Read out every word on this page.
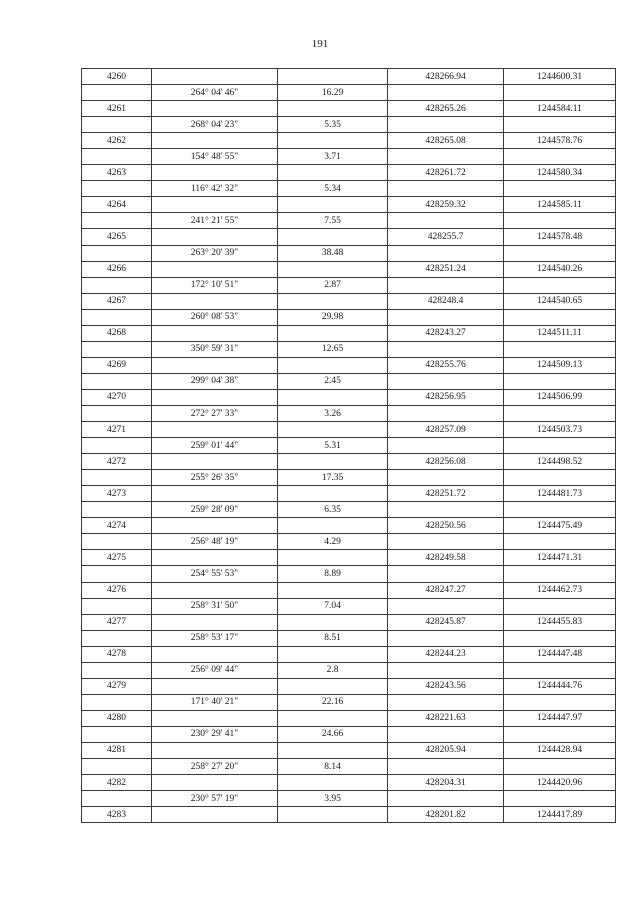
191
4260			428266.94	1244600.31
	264° 04' 46"	16.29		
4261			428265.26	1244584.11
	268° 04' 23"	5.35		
4262			428265.08	1244578.76
	154° 48' 55"	3.71		
4263			428261.72	1244580.34
	116° 42' 32"	5.34		
4264			428259.32	1244585.11
	241° 21' 55"	7.55		
4265			428255.7	1244578.48
	263° 20' 39"	38.48		
4266			428251.24	1244540.26
	172° 10' 51"	2.87		
4267			428248.4	1244540.65
	260° 08' 53"	29.98		
4268			428243.27	1244511.11
	350° 59' 31"	12.65		
4269			428255.76	1244509.13
	299° 04' 38"	2.45		
4270			428256.95	1244506.99
	272° 27' 33"	3.26		
4271			428257.09	1244503.73
	259° 01' 44"	5.31		
4272			428256.08	1244498.52
	255° 26' 35"	17.35		
4273			428251.72	1244481.73
	259° 28' 09"	6.35		
4274			428250.56	1244475.49
	256° 48' 19"	4.29		
4275			428249.58	1244471.31
	254° 55' 53"	8.89		
4276			428247.27	1244462.73
	258° 31' 50"	7.04		
4277			428245.87	1244455.83
	258° 53' 17"	8.51		
4278			428244.23	1244447.48
	256° 09' 44"	2.8		
4279			428243.56	1244444.76
	171° 40' 21"	22.16		
4280			428221.63	1244447.97
	230° 29' 41"	24.66		
4281			428205.94	1244428.94
	258° 27' 20"	8.14		
4282			428204.31	1244420.96
	230° 57' 19"	3.95		
4283			428201.82	1244417.89
